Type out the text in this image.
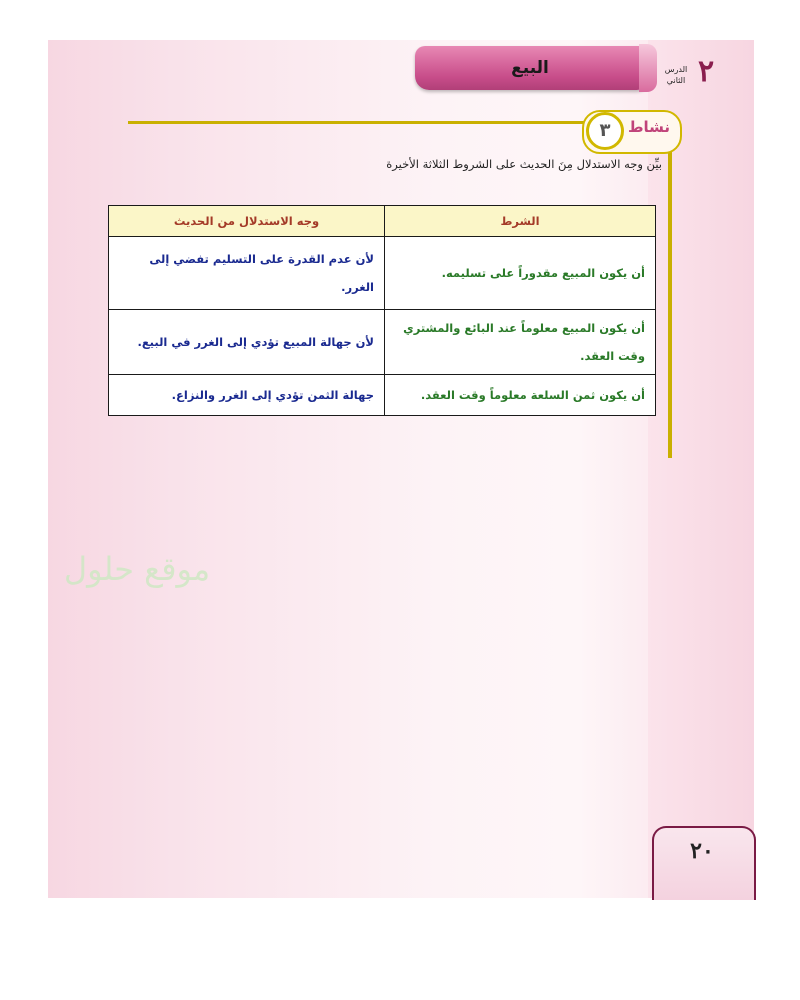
البيع	٢
الدرس
الثاني
٣	نشاط
بيِّن وجه الاستدلال مِنَ الحديث على الشروط الثلاثة الأخيرة
الشرط	وجه الاستدلال من الحديث
أن يكون المبيع مقدوراً على تسليمه.	لأن عدم القدرة على التسليم تفضي إلى الغرر.
أن يكون المبيع معلوماً عند البائع والمشتري وقت العقد.	لأن جهالة المبيع تؤدي إلى الغرر في البيع.
أن يكون ثمن السلعة معلوماً وقت العقد.	جهالة الثمن تؤدي إلى الغرر والنزاع.
موقع حلول
٢٠
